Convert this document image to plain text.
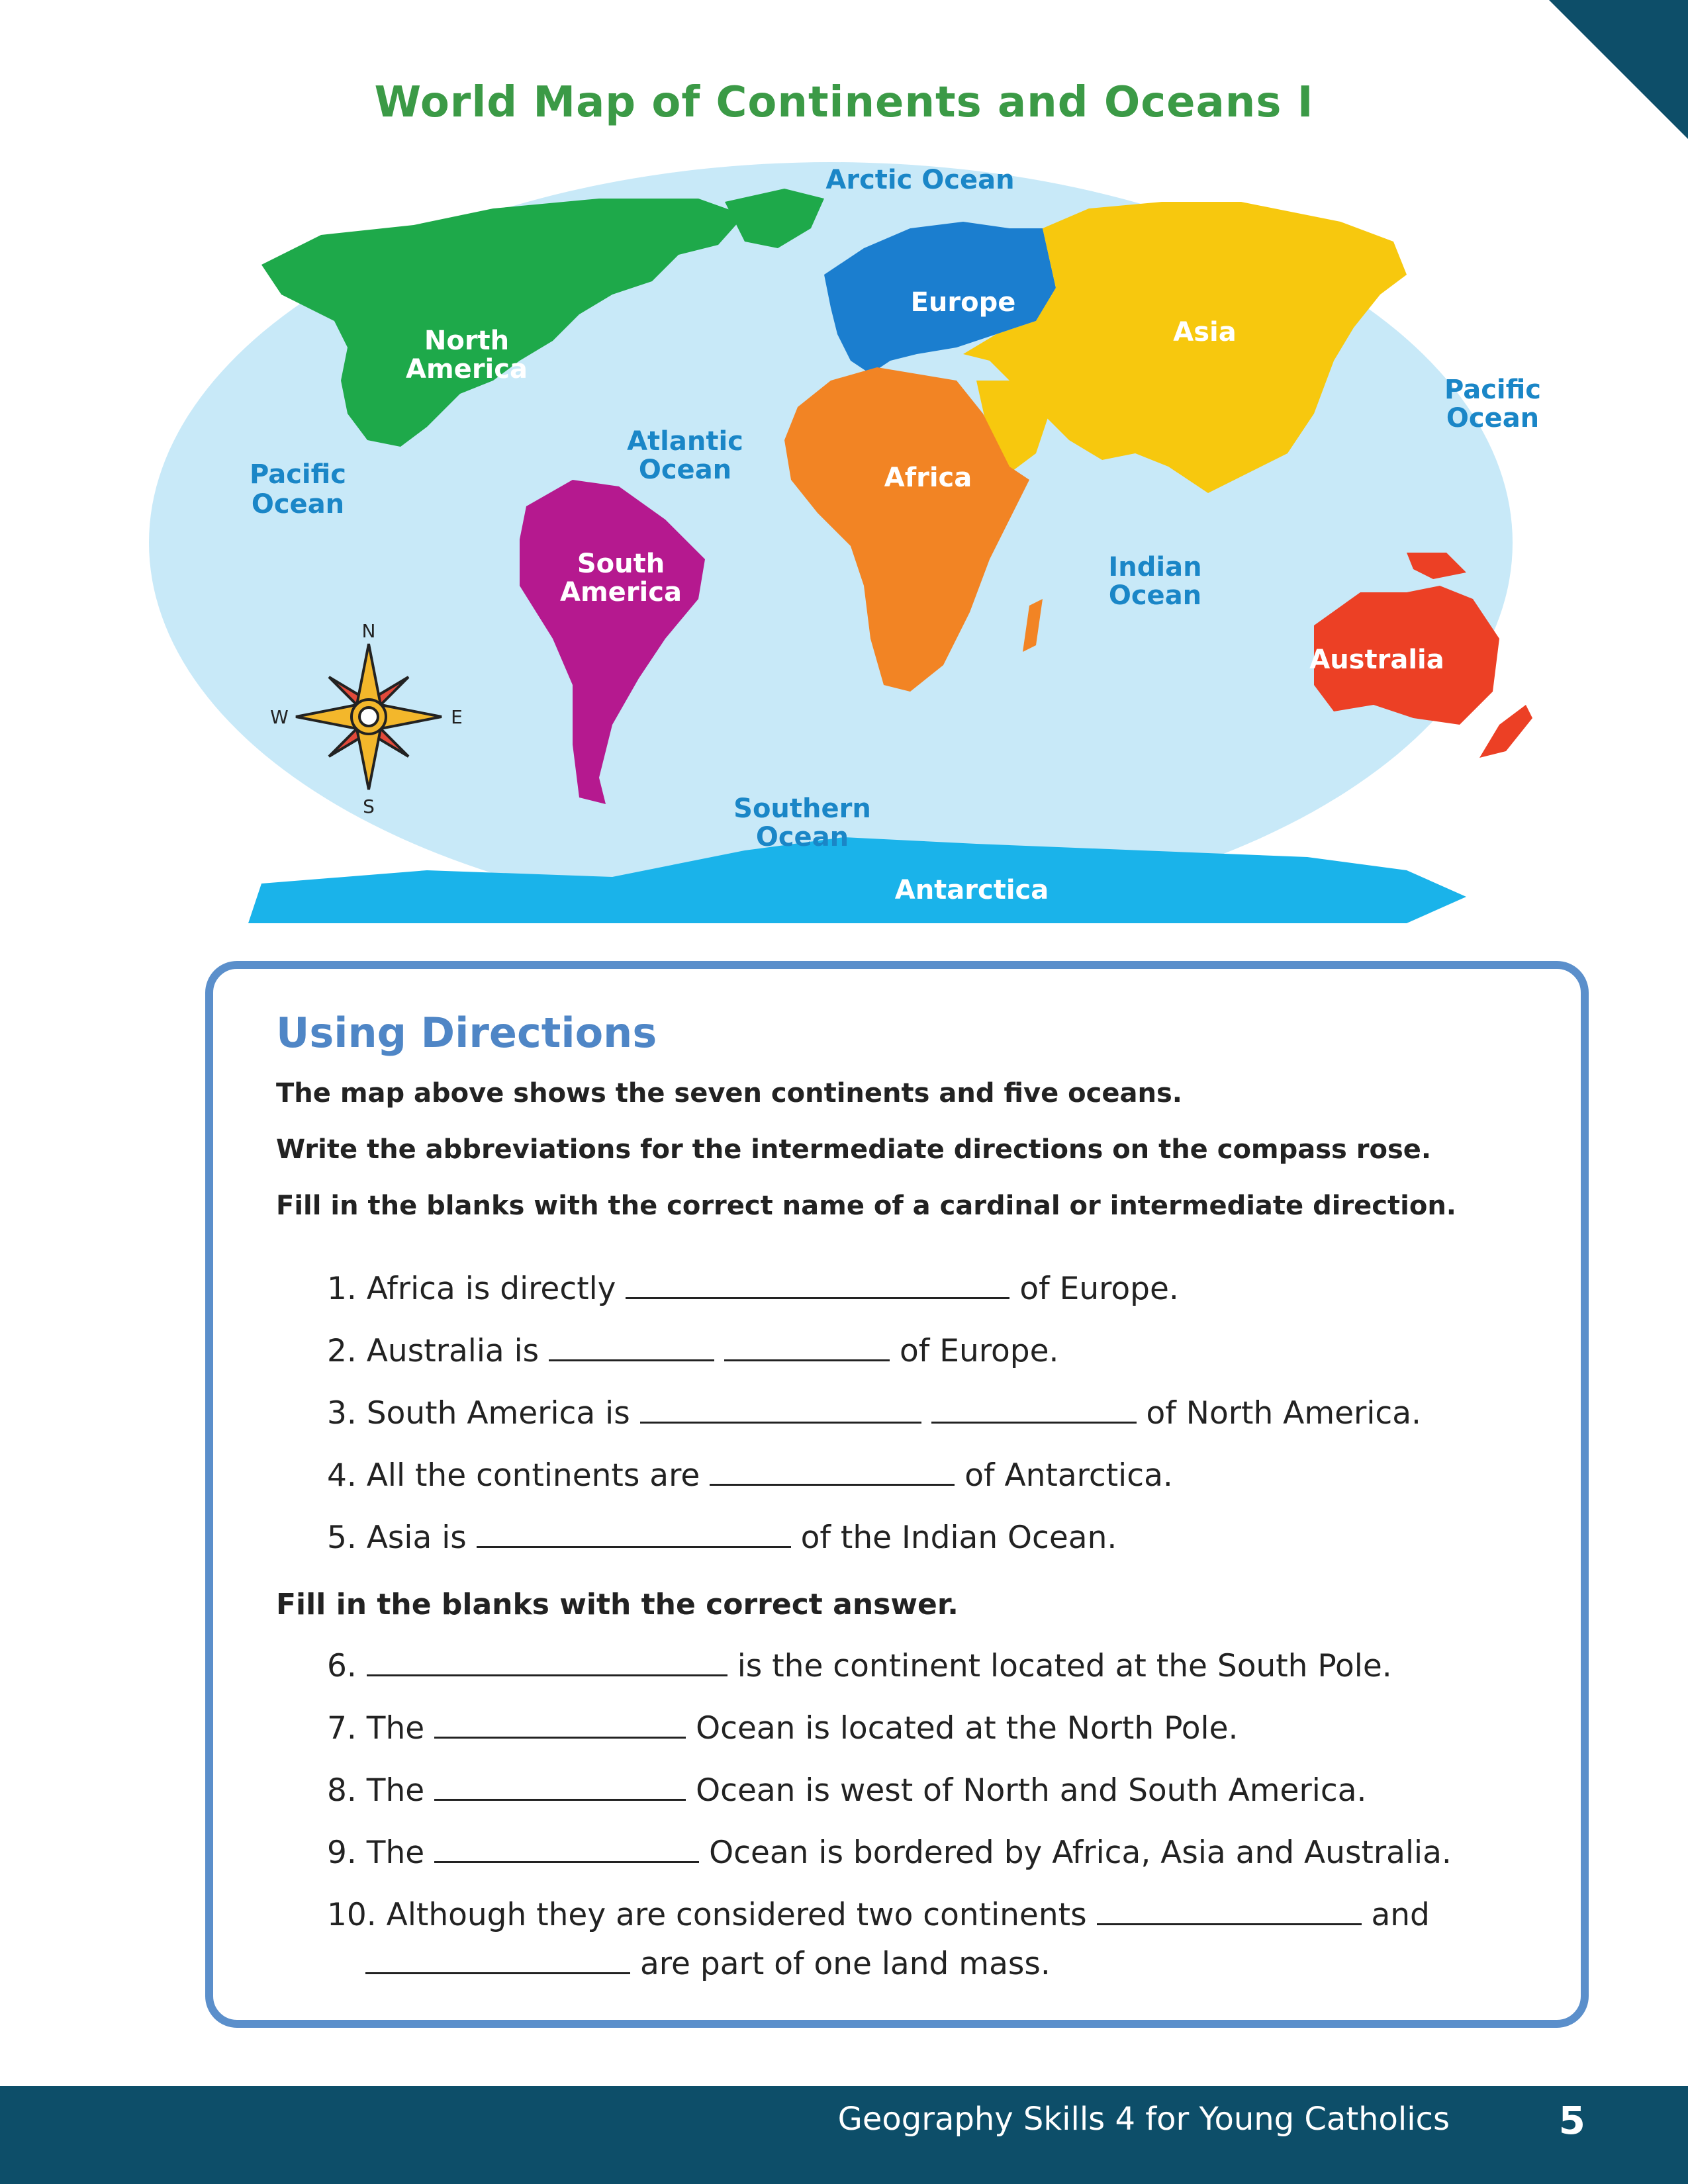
World Map of Continents and Oceans I
Arctic Ocean
Pacific
Ocean
Atlantic
Ocean
Indian
Ocean
Pacific
Ocean
Southern
Ocean
North
America
South
America
Europe
Asia
Africa
Australia
Antarctica
N
S
E
W
Using Directions
The map above shows the seven continents and five oceans.
Write the abbreviations for the intermediate directions on the compass rose.
Fill in the blanks with the correct name of a cardinal or intermediate direction.
1. Africa is directly	of Europe.
2. Australia is	of Europe.
3. South America is	of North America.
4. All the continents are	of Antarctica.
5. Asia is	of the Indian Ocean.
Fill in the blanks with the correct answer.
6.	is the continent located at the South Pole.
7. The	Ocean is located at the North Pole.
8. The	Ocean is west of North and South America.
9. The	Ocean is bordered by Africa, Asia and Australia.
10. Although they are considered two continents	and
are part of one land mass.
Geography Skills 4 for Young Catholics	5
